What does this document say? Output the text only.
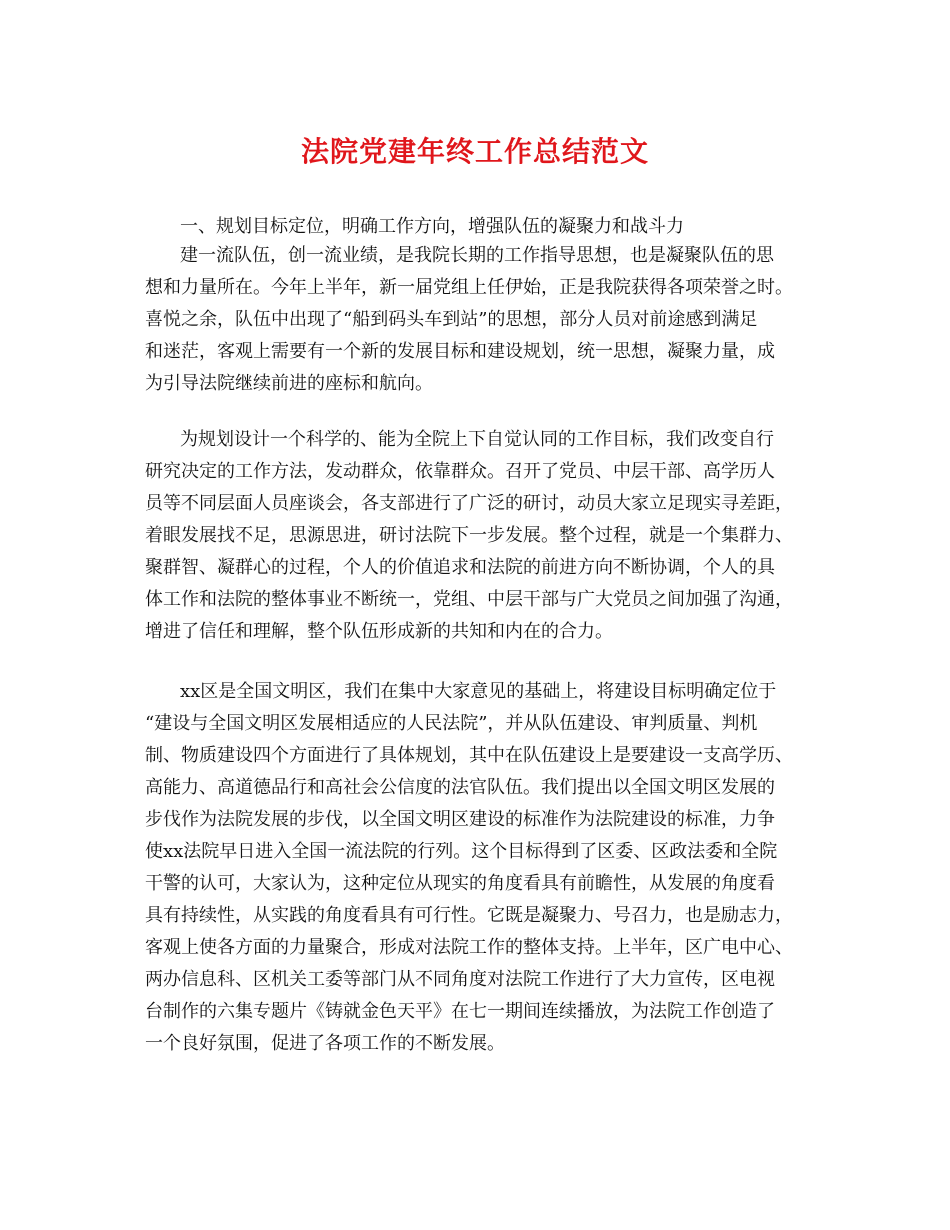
法院党建年终工作总结范文
一、规划目标定位，明确工作方向，增强队伍的凝聚力和战斗力
建一流队伍，创一流业绩，是我院长期的工作指导思想，也是凝聚队伍的思
想和力量所在。今年上半年，新一届党组上任伊始，正是我院获得各项荣誉之时。
喜悦之余，队伍中出现了“船到码头车到站”的思想，部分人员对前途感到满足
和迷茫，客观上需要有一个新的发展目标和建设规划，统一思想，凝聚力量，成
为引导法院继续前进的座标和航向。
为规划设计一个科学的、能为全院上下自觉认同的工作目标，我们改变自行
研究决定的工作方法，发动群众，依靠群众。召开了党员、中层干部、高学历人
员等不同层面人员座谈会，各支部进行了广泛的研讨，动员大家立足现实寻差距，
着眼发展找不足，思源思进，研讨法院下一步发展。整个过程，就是一个集群力、
聚群智、凝群心的过程，个人的价值追求和法院的前进方向不断协调，个人的具
体工作和法院的整体事业不断统一，党组、中层干部与广大党员之间加强了沟通，
增进了信任和理解，整个队伍形成新的共知和内在的合力。
xx区是全国文明区，我们在集中大家意见的基础上，将建设目标明确定位于
“建设与全国文明区发展相适应的人民法院”，并从队伍建设、审判质量、判机
制、物质建设四个方面进行了具体规划，其中在队伍建设上是要建设一支高学历、
高能力、高道德品行和高社会公信度的法官队伍。我们提出以全国文明区发展的
步伐作为法院发展的步伐，以全国文明区建设的标准作为法院建设的标准，力争
使xx法院早日进入全国一流法院的行列。这个目标得到了区委、区政法委和全院
干警的认可，大家认为，这种定位从现实的角度看具有前瞻性，从发展的角度看
具有持续性，从实践的角度看具有可行性。它既是凝聚力、号召力，也是励志力，
客观上使各方面的力量聚合，形成对法院工作的整体支持。上半年，区广电中心、
两办信息科、区机关工委等部门从不同角度对法院工作进行了大力宣传，区电视
台制作的六集专题片《铸就金色天平》在七一期间连续播放，为法院工作创造了
一个良好氛围，促进了各项工作的不断发展。
